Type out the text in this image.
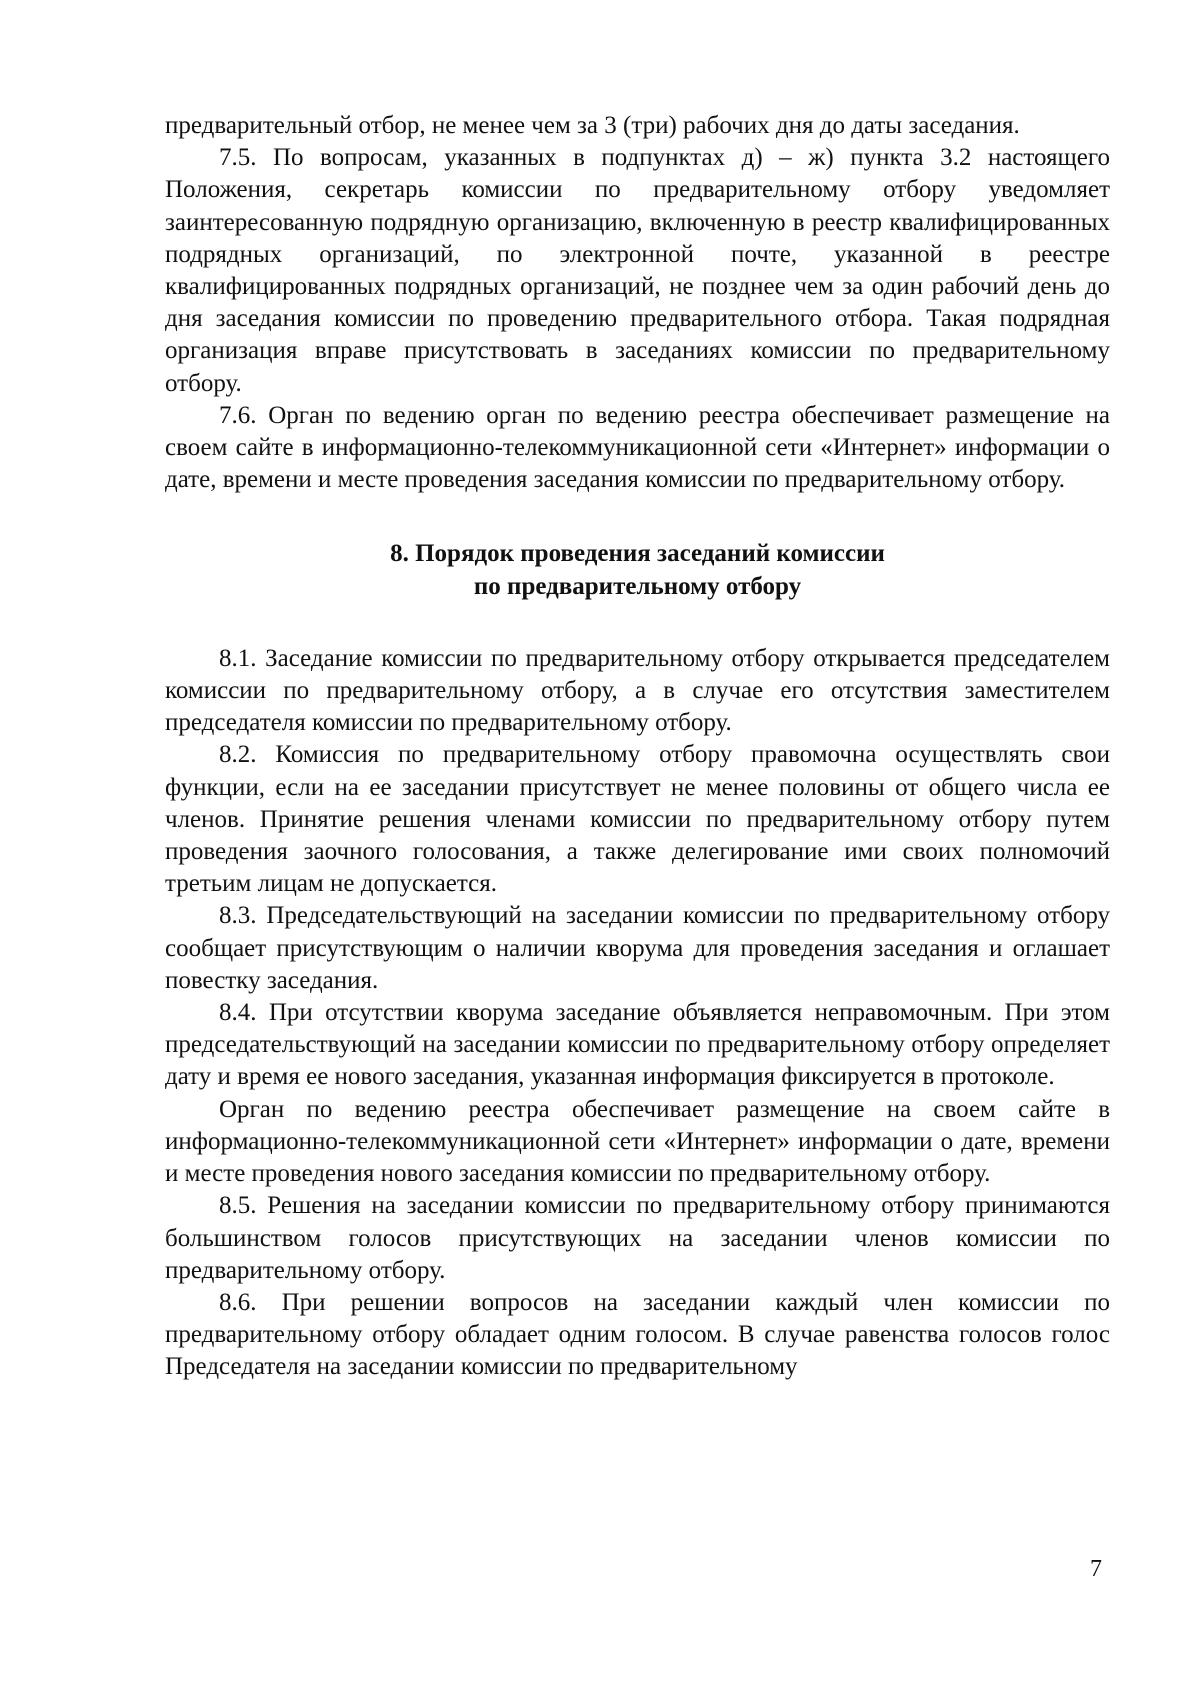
предварительный отбор, не менее чем за 3 (три) рабочих дня до даты заседания.

7.5. По вопросам, указанных в подпунктах д) – ж) пункта 3.2 настоящего Положения, секретарь комиссии по предварительному отбору уведомляет заинтересованную подрядную организацию, включенную в реестр квалифицированных подрядных организаций, по электронной почте, указанной в реестре квалифицированных подрядных организаций, не позднее чем за один рабочий день до дня заседания комиссии по проведению предварительного отбора. Такая подрядная организация вправе присутствовать в заседаниях комиссии по предварительному отбору.

7.6. Орган по ведению орган по ведению реестра обеспечивает размещение на своем сайте в информационно-телекоммуникационной сети «Интернет» информации о дате, времени и месте проведения заседания комиссии по предварительному отбору.

8. Порядок проведения заседаний комиссии
по предварительному отбору

8.1. Заседание комиссии по предварительному отбору открывается председателем комиссии по предварительному отбору, а в случае его отсутствия заместителем председателя комиссии по предварительному отбору.

8.2. Комиссия по предварительному отбору правомочна осуществлять свои функции, если на ее заседании присутствует не менее половины от общего числа ее членов. Принятие решения членами комиссии по предварительному отбору путем проведения заочного голосования, а также делегирование ими своих полномочий третьим лицам не допускается.

8.3. Председательствующий на заседании комиссии по предварительному отбору сообщает присутствующим о наличии кворума для проведения заседания и оглашает повестку заседания.

8.4. При отсутствии кворума заседание объявляется неправомочным. При этом председательствующий на заседании комиссии по предварительному отбору определяет дату и время ее нового заседания, указанная информация фиксируется в протоколе.

Орган по ведению реестра обеспечивает размещение на своем сайте в информационно-телекоммуникационной сети «Интернет» информации о дате, времени и месте проведения нового заседания комиссии по предварительному отбору.

8.5. Решения на заседании комиссии по предварительному отбору принимаются большинством голосов присутствующих на заседании членов комиссии по предварительному отбору.

8.6. При решении вопросов на заседании каждый член комиссии по предварительному отбору обладает одним голосом. В случае равенства голосов голос Председателя на заседании комиссии по предварительному

7
